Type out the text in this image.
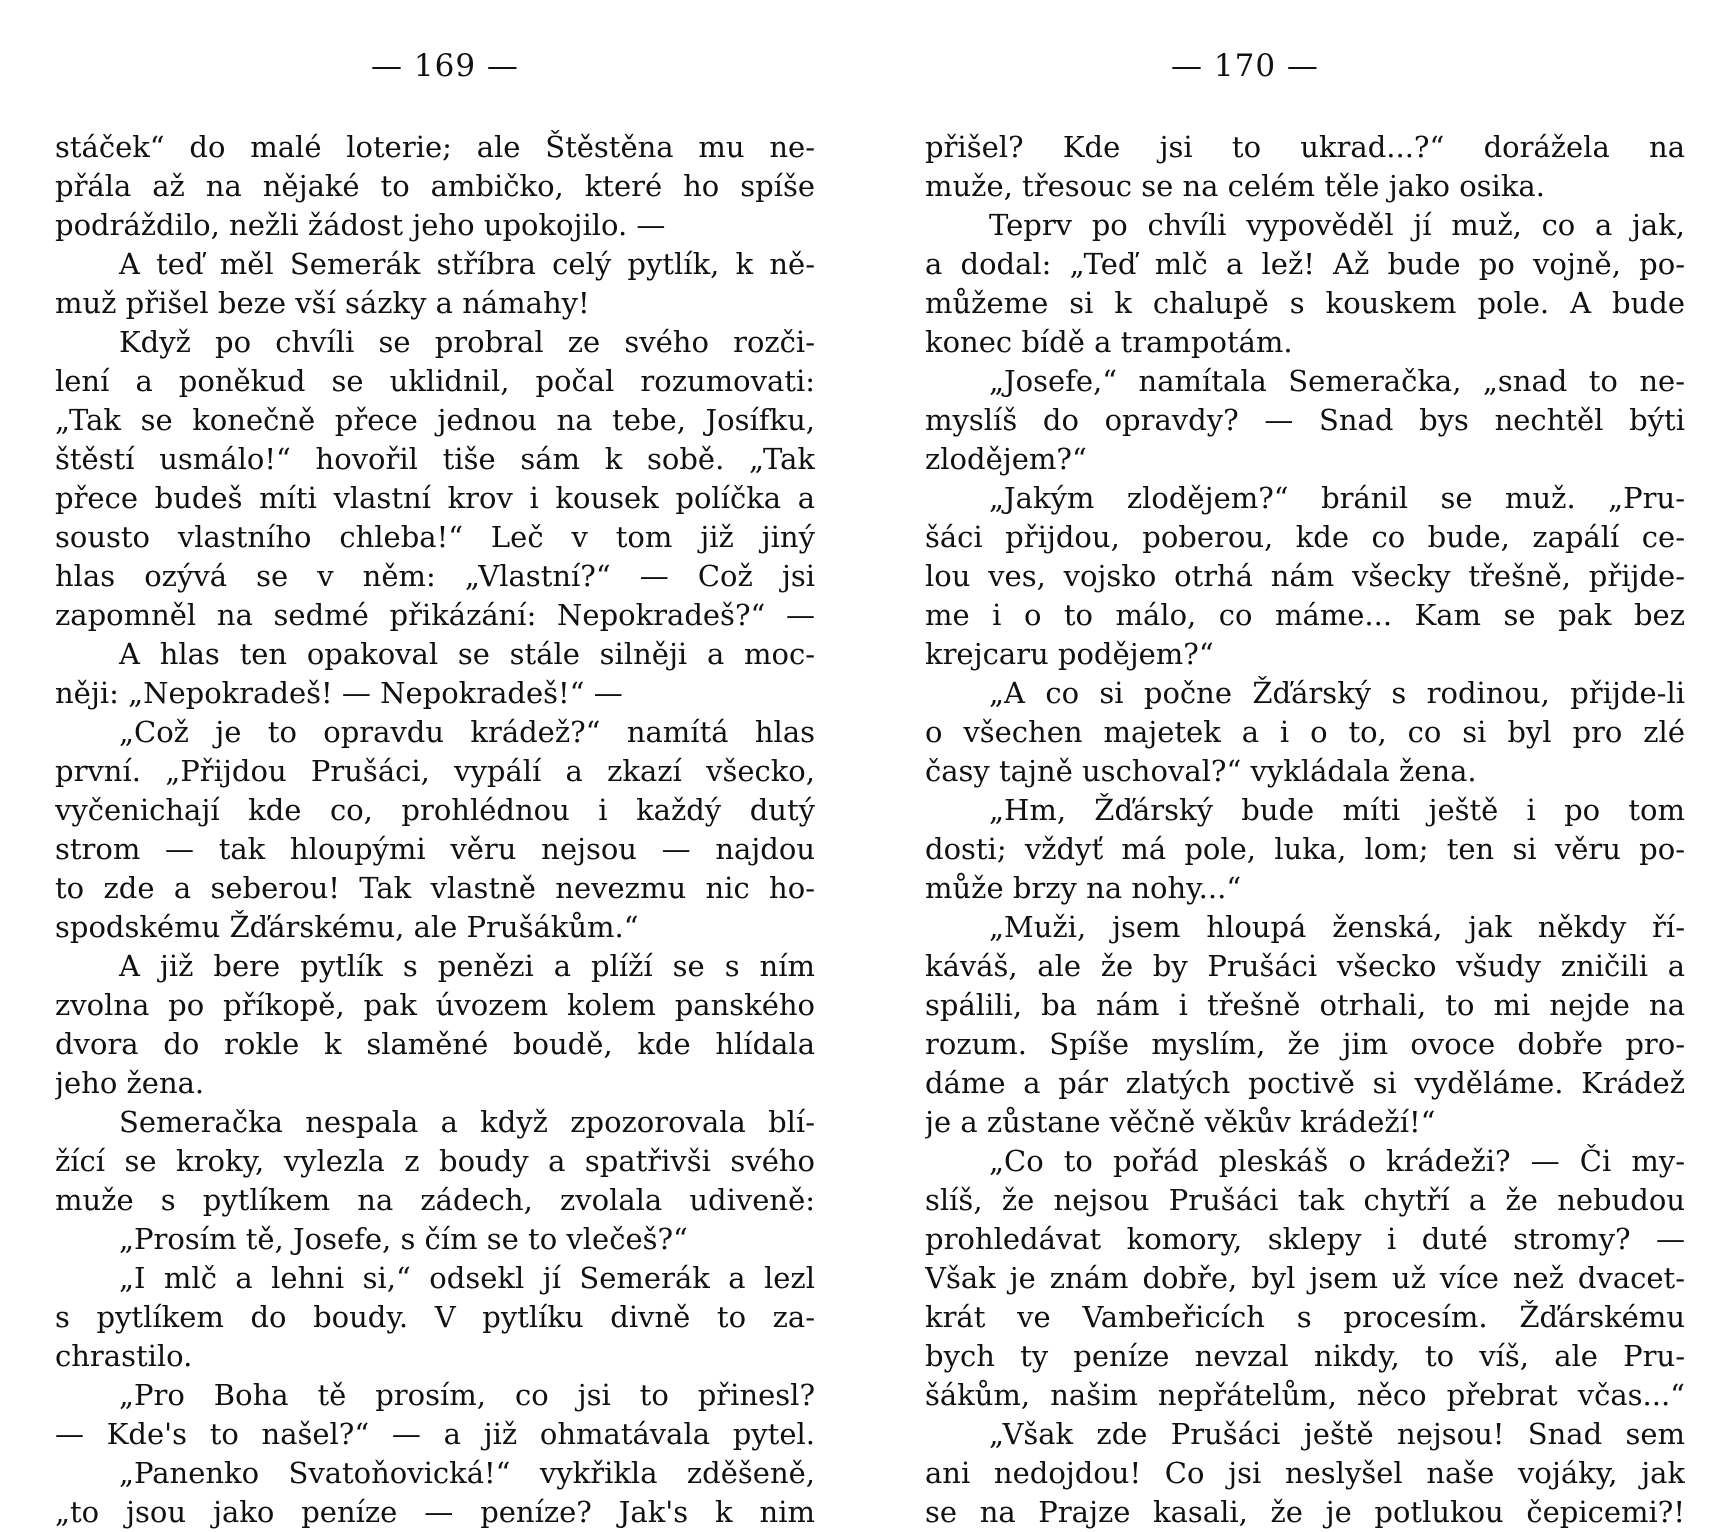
— 169 —
stáček“ do malé loterie; ale Štěstěna mu ne-
přála až na nějaké to ambičko, které ho spíše
podráždilo, nežli žádost jeho upokojilo. —
A teď měl Semerák stříbra celý pytlík, k ně-
muž přišel beze vší sázky a námahy!
Když po chvíli se probral ze svého rozči-
lení a poněkud se uklidnil, počal rozumovati:
„Tak se konečně přece jednou na tebe, Josífku,
štěstí usmálo!“ hovořil tiše sám k sobě. „Tak
přece budeš míti vlastní krov i kousek políčka a
sousto vlastního chleba!“ Leč v tom již jiný
hlas ozývá se v něm: „Vlastní?“ — Což jsi
zapomněl na sedmé přikázání: Nepokradeš?“ —
A hlas ten opakoval se stále silněji a moc-
něji: „Nepokradeš! — Nepokradeš!“ —
„Což je to opravdu krádež?“ namítá hlas
první. „Přijdou Prušáci, vypálí a zkazí všecko,
vyčenichají kde co, prohlédnou i každý dutý
strom — tak hloupými věru nejsou — najdou
to zde a seberou! Tak vlastně nevezmu nic ho-
spodskému Žďárskému, ale Prušákům.“
A již bere pytlík s penězi a plíží se s ním
zvolna po příkopě, pak úvozem kolem panského
dvora do rokle k slaměné boudě, kde hlídala
jeho žena.
Semeračka nespala a když zpozorovala blí-
žící se kroky, vylezla z boudy a spatřivši svého
muže s pytlíkem na zádech, zvolala udiveně:
„Prosím tě, Josefe, s čím se to vlečeš?“
„I mlč a lehni si,“ odsekl jí Semerák a lezl
s pytlíkem do boudy. V pytlíku divně to za-
chrastilo.
„Pro Boha tě prosím, co jsi to přinesl?
— Kde's to našel?“ — a již ohmatávala pytel.
„Panenko Svatoňovická!“ vykřikla zděšeně,
„to jsou jako peníze — peníze? Jak's k nim
— 170 —
přišel? Kde jsi to ukrad...?“ dorážela na
muže, třesouc se na celém těle jako osika.
Teprv po chvíli vypověděl jí muž, co a jak,
a dodal: „Teď mlč a lež! Až bude po vojně, po-
můžeme si k chalupě s kouskem pole. A bude
konec bídě a trampotám.
„Josefe,“ namítala Semeračka, „snad to ne-
myslíš do opravdy? — Snad bys nechtěl býti
zlodějem?“
„Jakým zlodějem?“ bránil se muž. „Pru-
šáci přijdou, poberou, kde co bude, zapálí ce-
lou ves, vojsko otrhá nám všecky třešně, přijde-
me i o to málo, co máme... Kam se pak bez
krejcaru podějem?“
„A co si počne Žďárský s rodinou, přijde-li
o všechen majetek a i o to, co si byl pro zlé
časy tajně uschoval?“ vykládala žena.
„Hm, Žďárský bude míti ještě i po tom
dosti; vždyť má pole, luka, lom; ten si věru po-
může brzy na nohy...“
„Muži, jsem hloupá ženská, jak někdy ří-
káváš, ale že by Prušáci všecko všudy zničili a
spálili, ba nám i třešně otrhali, to mi nejde na
rozum. Spíše myslím, že jim ovoce dobře pro-
dáme a pár zlatých poctivě si vyděláme. Krádež
je a zůstane věčně věkův krádeží!“
„Co to pořád pleskáš o krádeži? — Či my-
slíš, že nejsou Prušáci tak chytří a že nebudou
prohledávat komory, sklepy i duté stromy? —
Však je znám dobře, byl jsem už více než dvacet-
krát ve Vambeřicích s procesím. Žďárskému
bych ty peníze nevzal nikdy, to víš, ale Pru-
šákům, našim nepřátelům, něco přebrat včas...“
„Však zde Prušáci ještě nejsou! Snad sem
ani nedojdou! Co jsi neslyšel naše vojáky, jak
se na Prajze kasali, že je potlukou čepicemi?!
